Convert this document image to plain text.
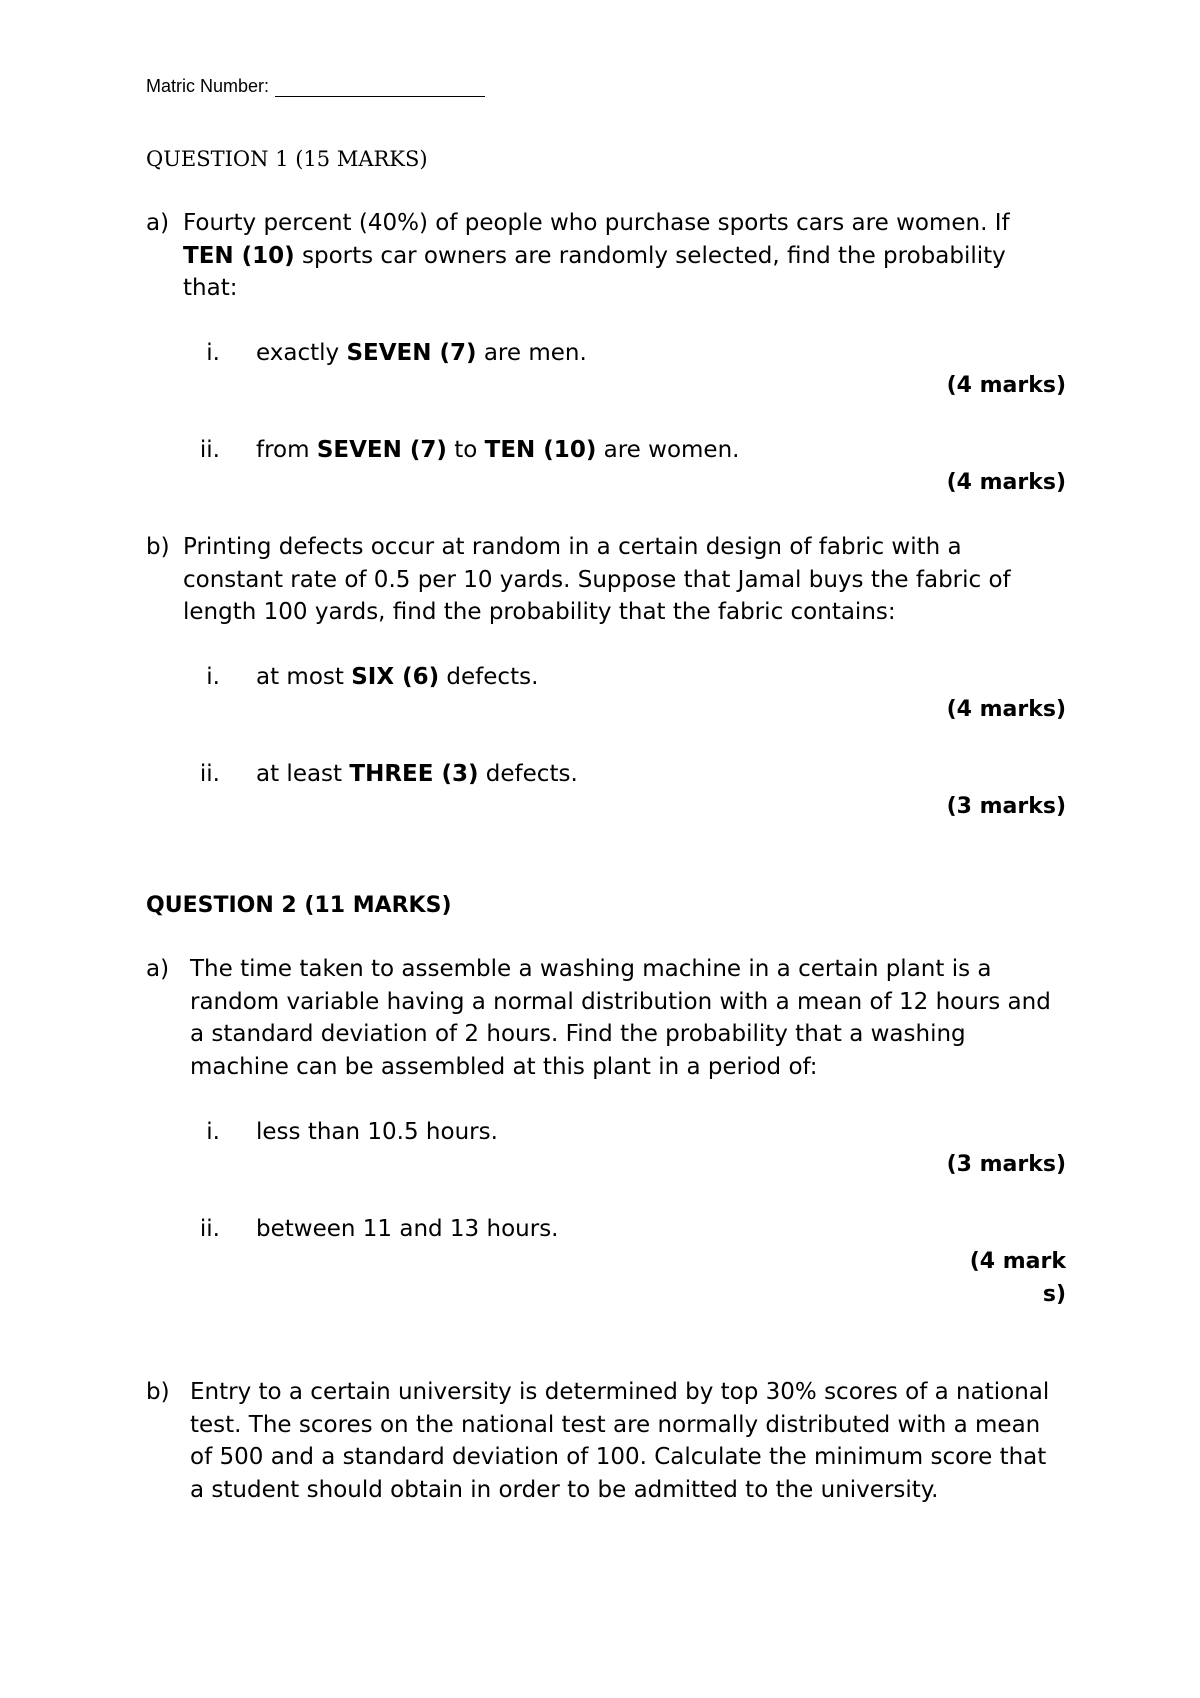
Matric Number:
QUESTION 1 (15 MARKS)
a) Fourty percent (40%) of people who purchase sports cars are women. If TEN (10) sports car owners are randomly selected, find the probability that:
i. exactly SEVEN (7) are men.
(4 marks)
ii. from SEVEN (7) to TEN (10) are women.
(4 marks)
b) Printing defects occur at random in a certain design of fabric with a constant rate of 0.5 per 10 yards. Suppose that Jamal buys the fabric of length 100 yards, find the probability that the fabric contains:
i. at most SIX (6) defects.
(4 marks)
ii. at least THREE (3) defects.
(3 marks)
QUESTION 2 (11 MARKS)
a) The time taken to assemble a washing machine in a certain plant is a random variable having a normal distribution with a mean of 12 hours and a standard deviation of 2 hours. Find the probability that a washing machine can be assembled at this plant in a period of:
i. less than 10.5 hours.
(3 marks)
ii. between 11 and 13 hours.
(4 marks)
b) Entry to a certain university is determined by top 30% scores of a national test. The scores on the national test are normally distributed with a mean of 500 and a standard deviation of 100. Calculate the minimum score that a student should obtain in order to be admitted to the university.
